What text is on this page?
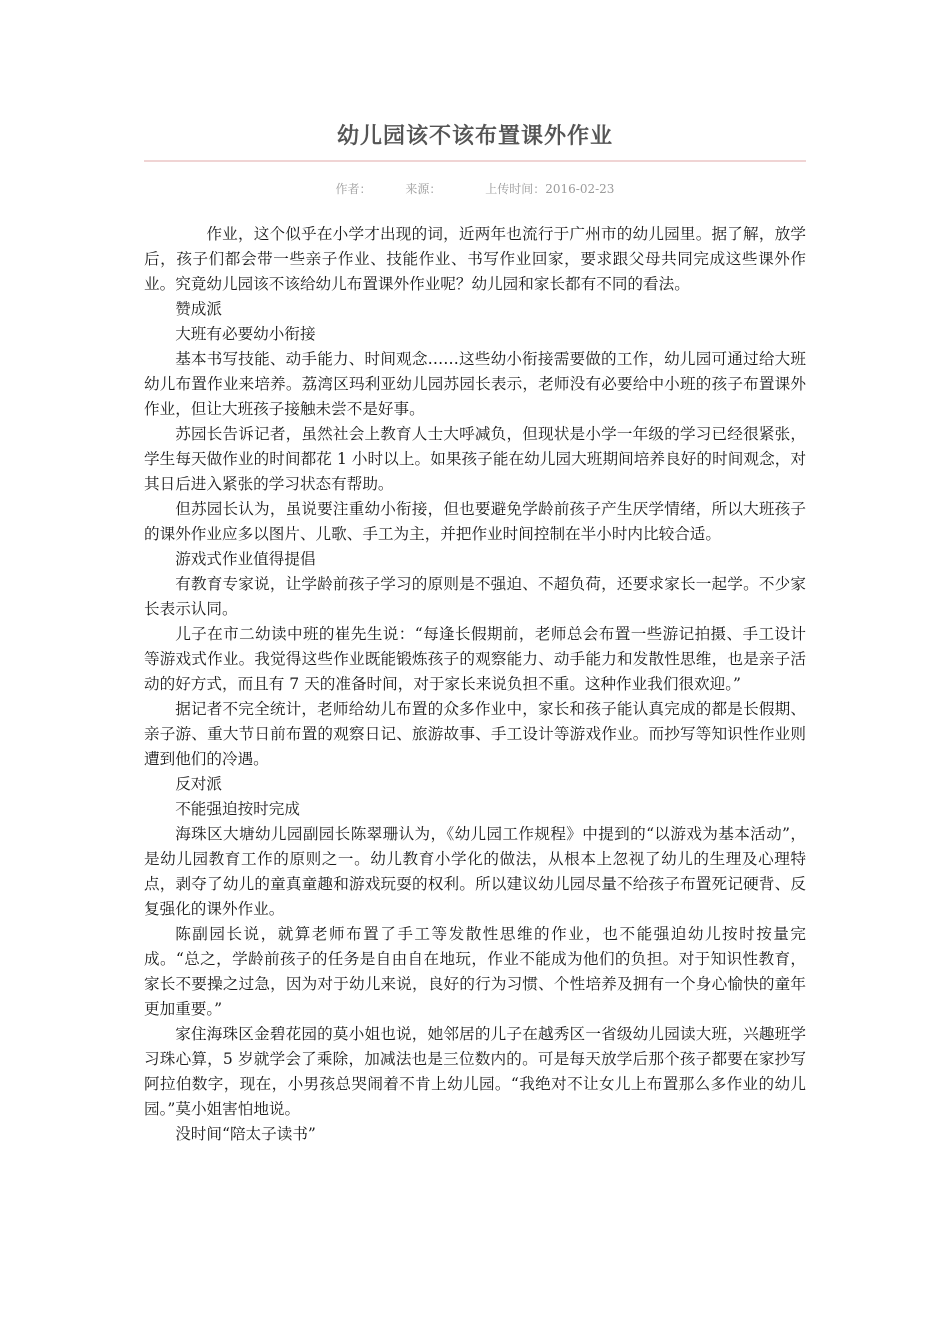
幼儿园该不该布置课外作业
作者：	来源：	上传时间：2016-02-23

作业，这个似乎在小学才出现的词，近两年也流行于广州市的幼儿园里。据了解，放学后，孩子们都会带一些亲子作业、技能作业、书写作业回家，要求跟父母共同完成这些课外作业。究竟幼儿园该不该给幼儿布置课外作业呢？幼儿园和家长都有不同的看法。

赞成派

大班有必要幼小衔接

基本书写技能、动手能力、时间观念……这些幼小衔接需要做的工作，幼儿园可通过给大班幼儿布置作业来培养。荔湾区玛利亚幼儿园苏园长表示，老师没有必要给中小班的孩子布置课外作业，但让大班孩子接触未尝不是好事。

苏园长告诉记者，虽然社会上教育人士大呼减负，但现状是小学一年级的学习已经很紧张，学生每天做作业的时间都花 1 小时以上。如果孩子能在幼儿园大班期间培养良好的时间观念，对其日后进入紧张的学习状态有帮助。

但苏园长认为，虽说要注重幼小衔接，但也要避免学龄前孩子产生厌学情绪，所以大班孩子的课外作业应多以图片、儿歌、手工为主，并把作业时间控制在半小时内比较合适。

游戏式作业值得提倡

有教育专家说，让学龄前孩子学习的原则是不强迫、不超负荷，还要求家长一起学。不少家长表示认同。

儿子在市二幼读中班的崔先生说：“每逢长假期前，老师总会布置一些游记拍摄、手工设计等游戏式作业。我觉得这些作业既能锻炼孩子的观察能力、动手能力和发散性思维，也是亲子活动的好方式，而且有 7 天的准备时间，对于家长来说负担不重。这种作业我们很欢迎。”

据记者不完全统计，老师给幼儿布置的众多作业中，家长和孩子能认真完成的都是长假期、亲子游、重大节日前布置的观察日记、旅游故事、手工设计等游戏作业。而抄写等知识性作业则遭到他们的冷遇。

反对派

不能强迫按时完成

海珠区大塘幼儿园副园长陈翠珊认为，《幼儿园工作规程》中提到的“以游戏为基本活动”，是幼儿园教育工作的原则之一。幼儿教育小学化的做法，从根本上忽视了幼儿的生理及心理特点，剥夺了幼儿的童真童趣和游戏玩耍的权利。所以建议幼儿园尽量不给孩子布置死记硬背、反复强化的课外作业。

陈副园长说，就算老师布置了手工等发散性思维的作业，也不能强迫幼儿按时按量完成。“总之，学龄前孩子的任务是自由自在地玩，作业不能成为他们的负担。对于知识性教育，家长不要操之过急，因为对于幼儿来说，良好的行为习惯、个性培养及拥有一个身心愉快的童年更加重要。”

家住海珠区金碧花园的莫小姐也说，她邻居的儿子在越秀区一省级幼儿园读大班，兴趣班学习珠心算，5 岁就学会了乘除，加减法也是三位数内的。可是每天放学后那个孩子都要在家抄写阿拉伯数字，现在，小男孩总哭闹着不肯上幼儿园。“我绝对不让女儿上布置那么多作业的幼儿园。”莫小姐害怕地说。

没时间“陪太子读书”
